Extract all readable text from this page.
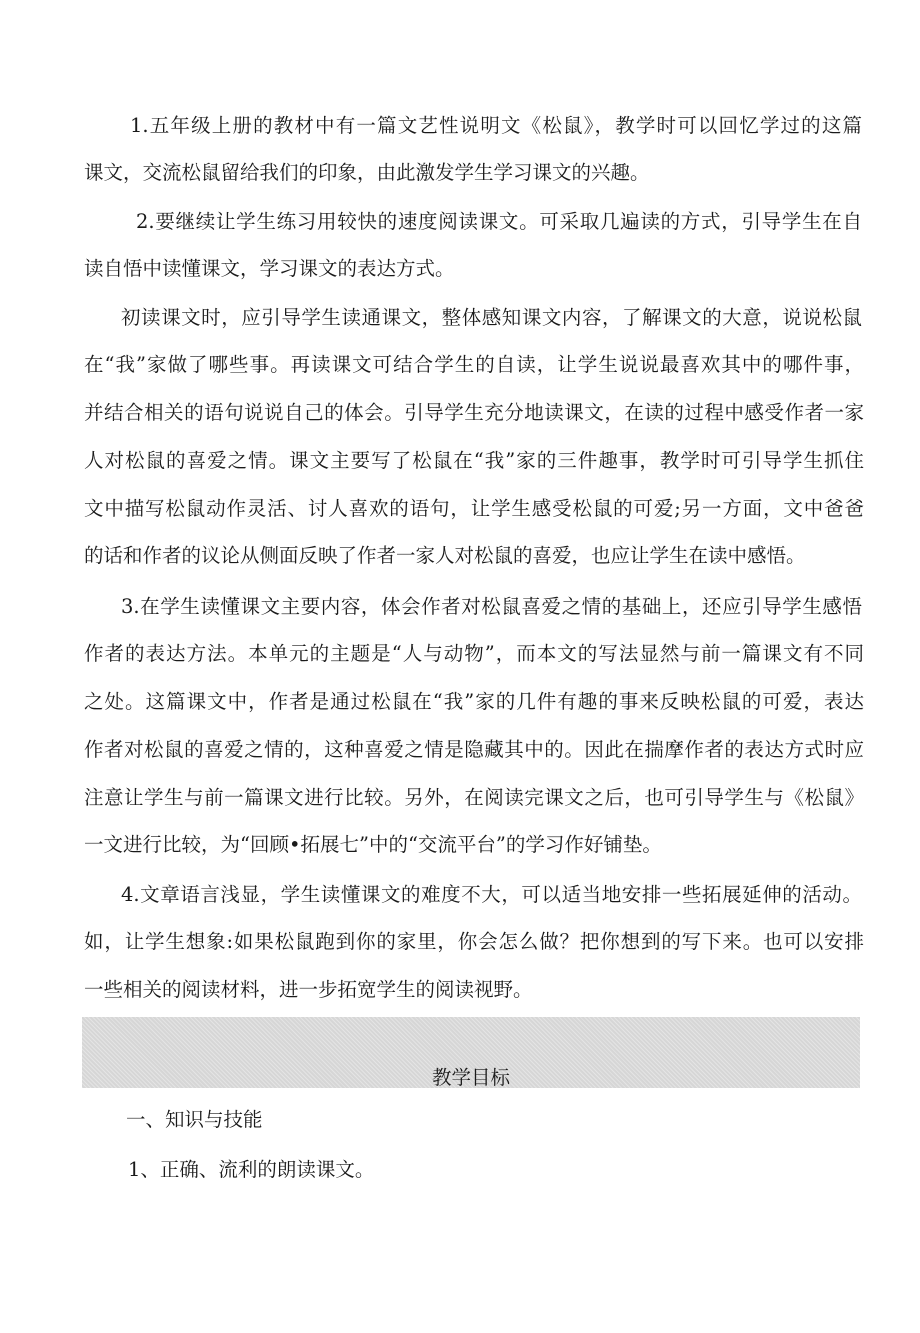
1.五年级上册的教材中有一篇文艺性说明文《松鼠》，教学时可以回忆学过的这篇
课文，交流松鼠留给我们的印象，由此激发学生学习课文的兴趣。
2.要继续让学生练习用较快的速度阅读课文。可采取几遍读的方式，引导学生在自
读自悟中读懂课文，学习课文的表达方式。
初读课文时，应引导学生读通课文，整体感知课文内容，了解课文的大意，说说松鼠
在“我”家做了哪些事。再读课文可结合学生的自读，让学生说说最喜欢其中的哪件事，
并结合相关的语句说说自己的体会。引导学生充分地读课文，在读的过程中感受作者一家
人对松鼠的喜爱之情。课文主要写了松鼠在“我”家的三件趣事，教学时可引导学生抓住
文中描写松鼠动作灵活、讨人喜欢的语句，让学生感受松鼠的可爱;另一方面，文中爸爸
的话和作者的议论从侧面反映了作者一家人对松鼠的喜爱，也应让学生在读中感悟。
3.在学生读懂课文主要内容，体会作者对松鼠喜爱之情的基础上，还应引导学生感悟
作者的表达方法。本单元的主题是“人与动物”，而本文的写法显然与前一篇课文有不同
之处。这篇课文中，作者是通过松鼠在“我”家的几件有趣的事来反映松鼠的可爱，表达
作者对松鼠的喜爱之情的，这种喜爱之情是隐藏其中的。因此在揣摩作者的表达方式时应
注意让学生与前一篇课文进行比较。另外，在阅读完课文之后，也可引导学生与《松鼠》
一文进行比较，为“回顾•拓展七”中的“交流平台”的学习作好铺垫。
4.文章语言浅显，学生读懂课文的难度不大，可以适当地安排一些拓展延伸的活动。
如，让学生想象:如果松鼠跑到你的家里，你会怎么做？把你想到的写下来。也可以安排
一些相关的阅读材料，进一步拓宽学生的阅读视野。
教学目标
一、知识与技能
1、正确、流利的朗读课文。
